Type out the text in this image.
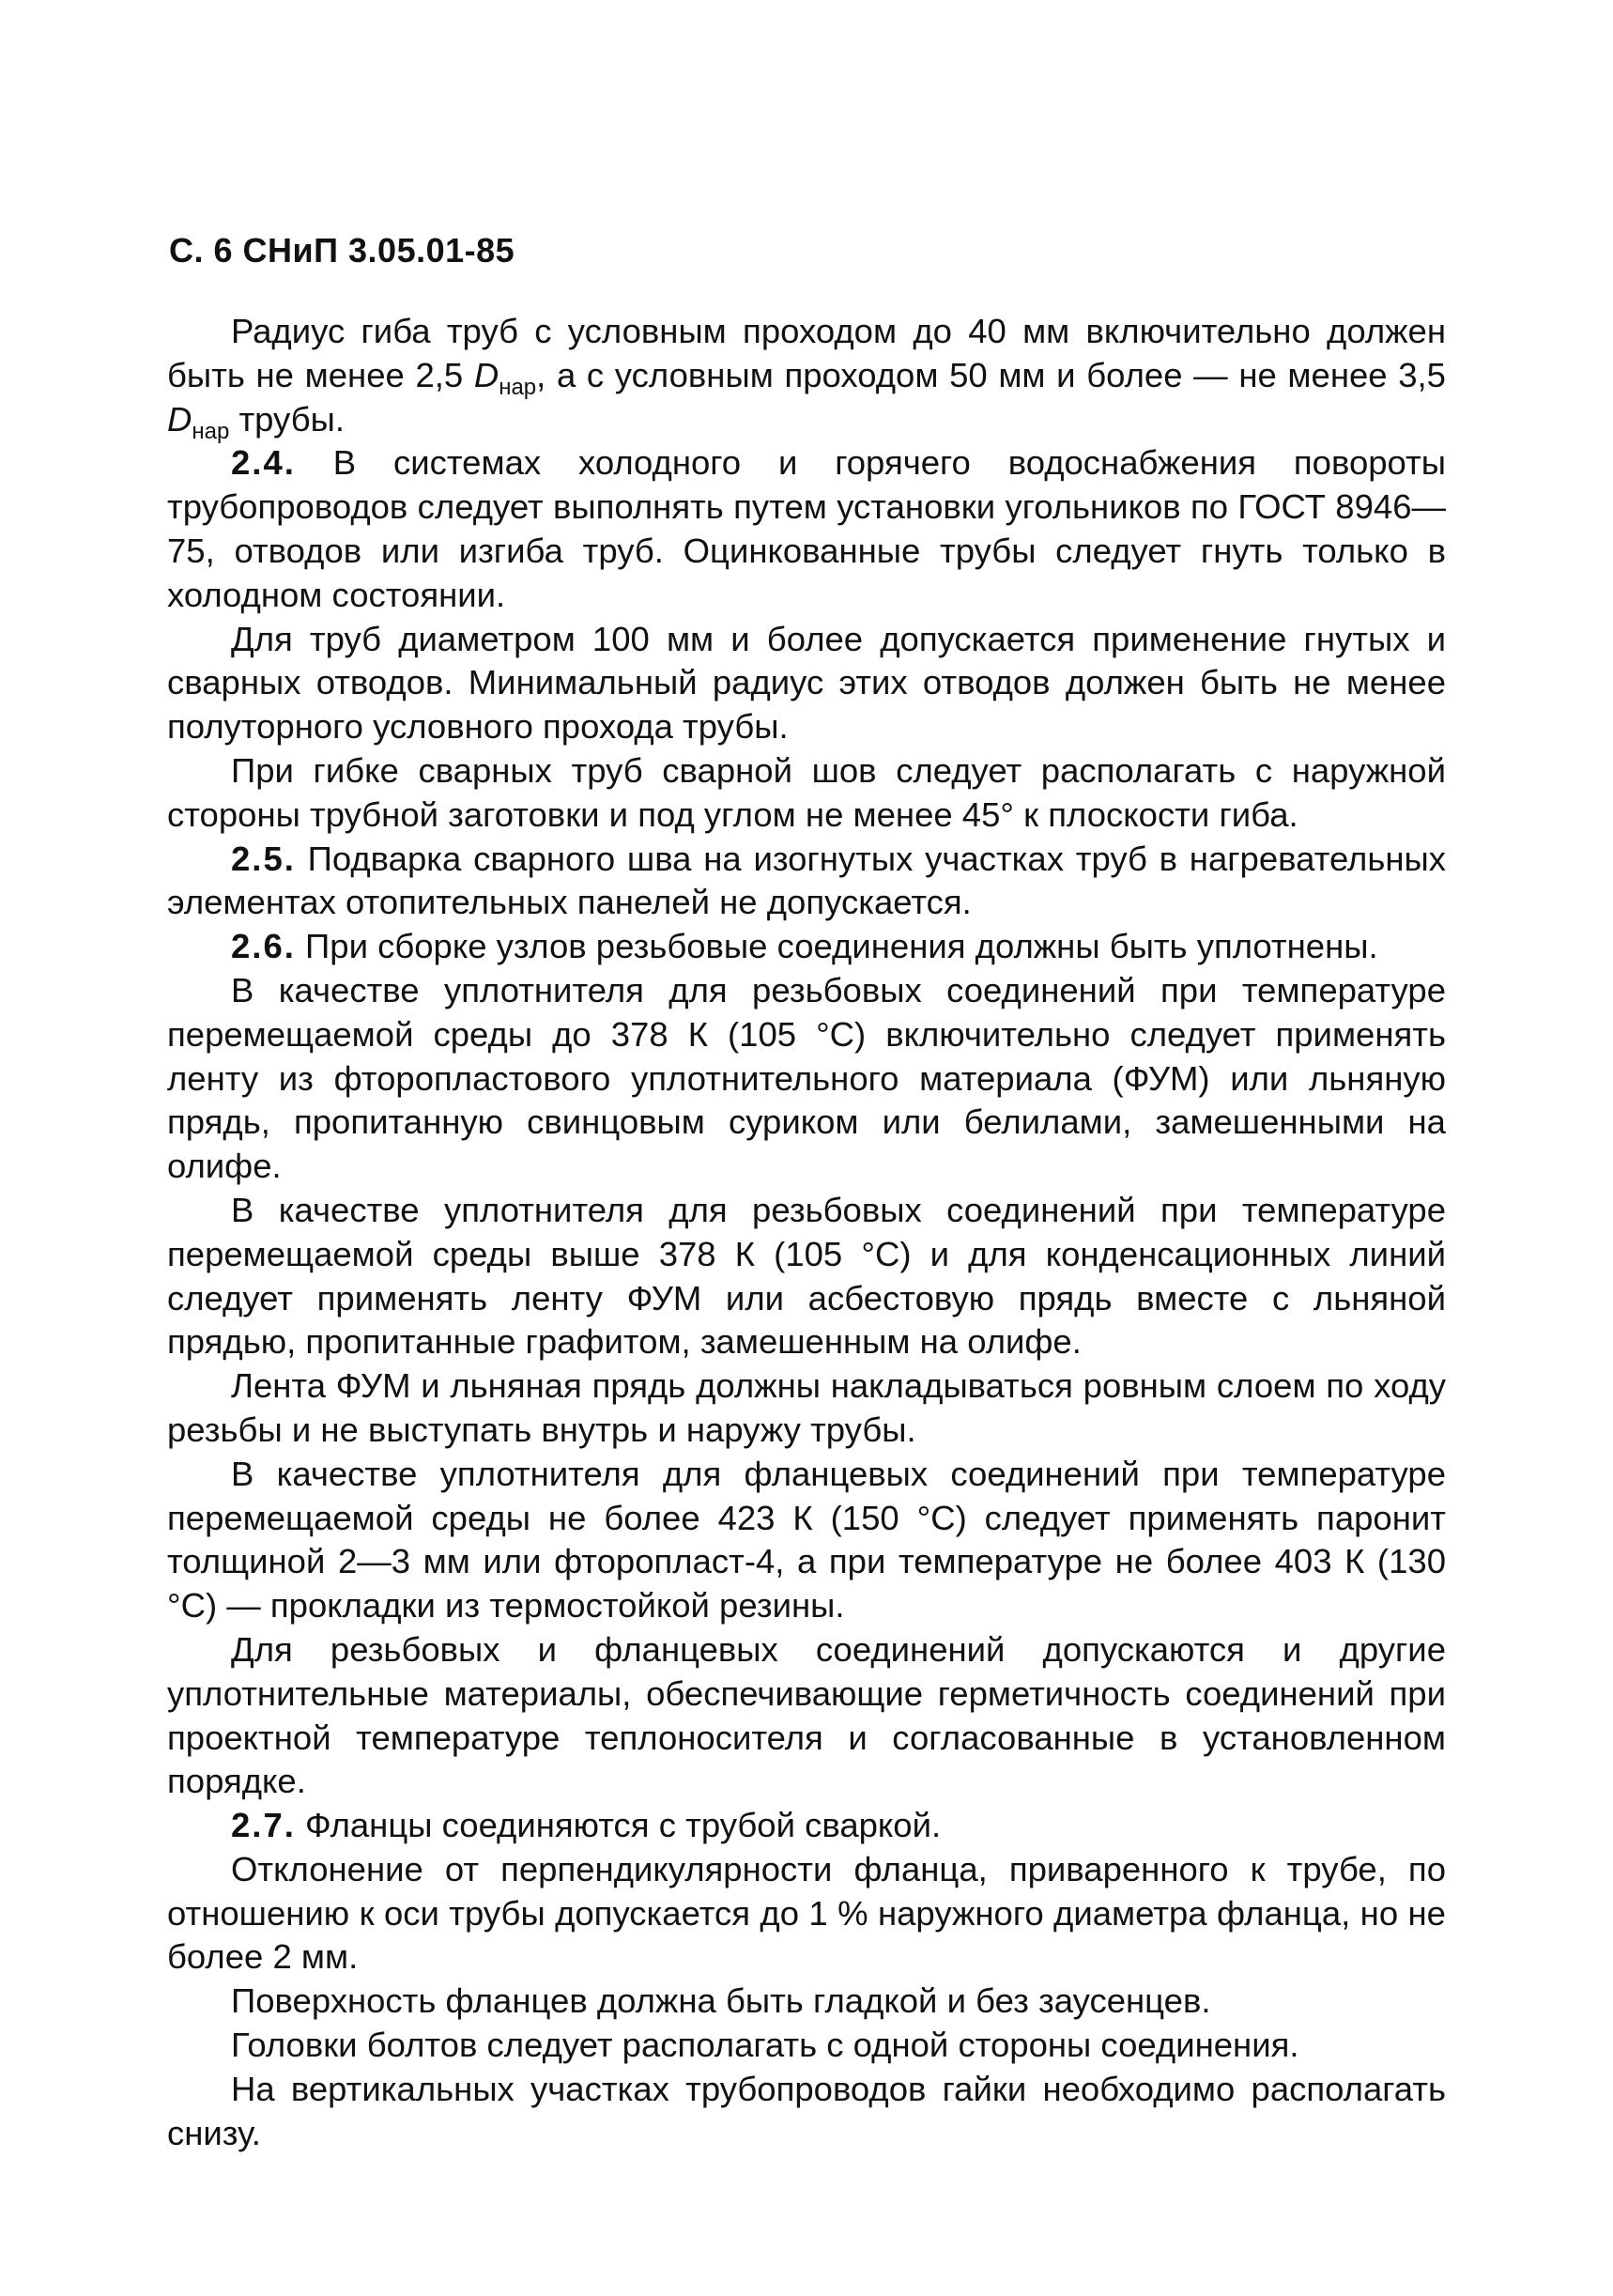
С. 6 СНиП 3.05.01-85

Радиус гиба труб с условным проходом до 40 мм включительно должен быть не менее 2,5 $D_{нар}$, а с условным проходом 50 мм и более — не менее 3,5 $D_{нар}$ трубы.

2.4. В системах холодного и горячего водоснабжения повороты трубопроводов следует выполнять путем установки угольников по ГОСТ 8946—75, отводов или изгиба труб. Оцинкованные трубы следует гнуть только в холодном состоянии.

Для труб диаметром 100 мм и более допускается применение гнутых и сварных отводов. Минимальный радиус этих отводов должен быть не менее полуторного условного прохода трубы.

При гибке сварных труб сварной шов следует располагать с наружной стороны трубной заготовки и под углом не менее 45° к плоскости гиба.

2.5. Подварка сварного шва на изогнутых участках труб в нагревательных элементах отопительных панелей не допускается.

2.6. При сборке узлов резьбовые соединения должны быть уплотнены.

В качестве уплотнителя для резьбовых соединений при температуре перемещаемой среды до 378 К (105 °С) включительно следует применять ленту из фторопластового уплотнительного материала (ФУМ) или льняную прядь, пропитанную свинцовым суриком или белилами, замешенными на олифе.

В качестве уплотнителя для резьбовых соединений при температуре перемещаемой среды выше 378 К (105 °С) и для конденсационных линий следует применять ленту ФУМ или асбестовую прядь вместе с льняной прядью, пропитанные графитом, замешенным на олифе.

Лента ФУМ и льняная прядь должны накладываться ровным слоем по ходу резьбы и не выступать внутрь и наружу трубы.

В качестве уплотнителя для фланцевых соединений при температуре перемещаемой среды не более 423 К (150 °С) следует применять паронит толщиной 2—3 мм или фторопласт-4, а при температуре не более 403 К (130 °С) — прокладки из термостойкой резины.

Для резьбовых и фланцевых соединений допускаются и другие уплотнительные материалы, обеспечивающие герметичность соединений при проектной температуре теплоносителя и согласованные в установленном порядке.

2.7. Фланцы соединяются с трубой сваркой.

Отклонение от перпендикулярности фланца, приваренного к трубе, по отношению к оси трубы допускается до 1 % наружного диаметра фланца, но не более 2 мм.

Поверхность фланцев должна быть гладкой и без заусенцев.

Головки болтов следует располагать с одной стороны соединения.

На вертикальных участках трубопроводов гайки необходимо располагать снизу.
